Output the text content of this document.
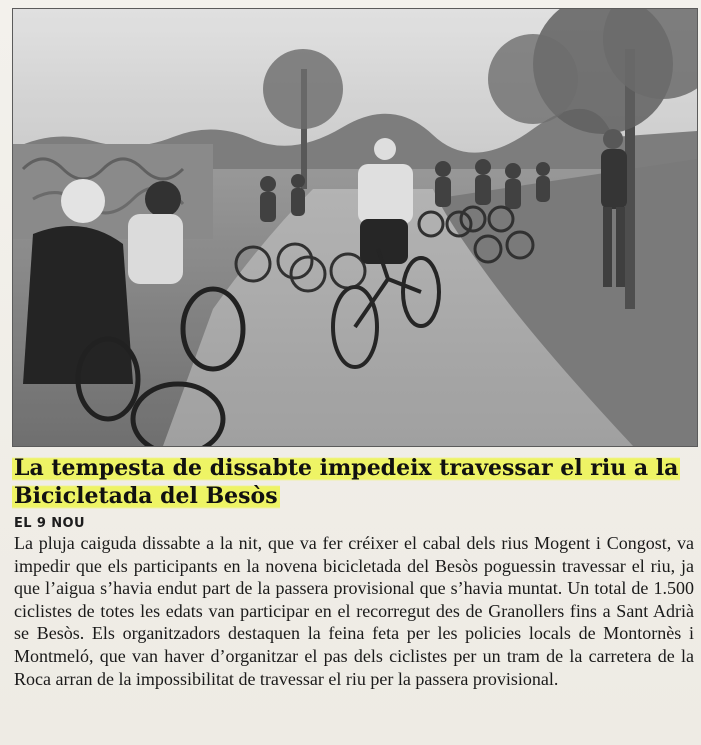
La tempesta de dissabte impedeix travessar el riu a la Bicicletada del Besòs
EL 9 NOU

La pluja caiguda dissabte a la nit, que va fer créixer el cabal dels rius Mogent i Congost, va impedir que els participants en la novena bicicletada del Besòs poguessin travessar el riu, ja que l’aigua s’havia endut part de la passera provisional que s’havia muntat. Un total de 1.500 ciclistes de totes les edats van participar en el recorregut des de Granollers fins a Sant Adrià se Besòs. Els organitzadors destaquen la feina feta per les policies locals de Montornès i Montmeló, que van haver d’organitzar el pas dels ciclistes per un tram de la carretera de la Roca arran de la impossibilitat de travessar el riu per la passera provisional.
